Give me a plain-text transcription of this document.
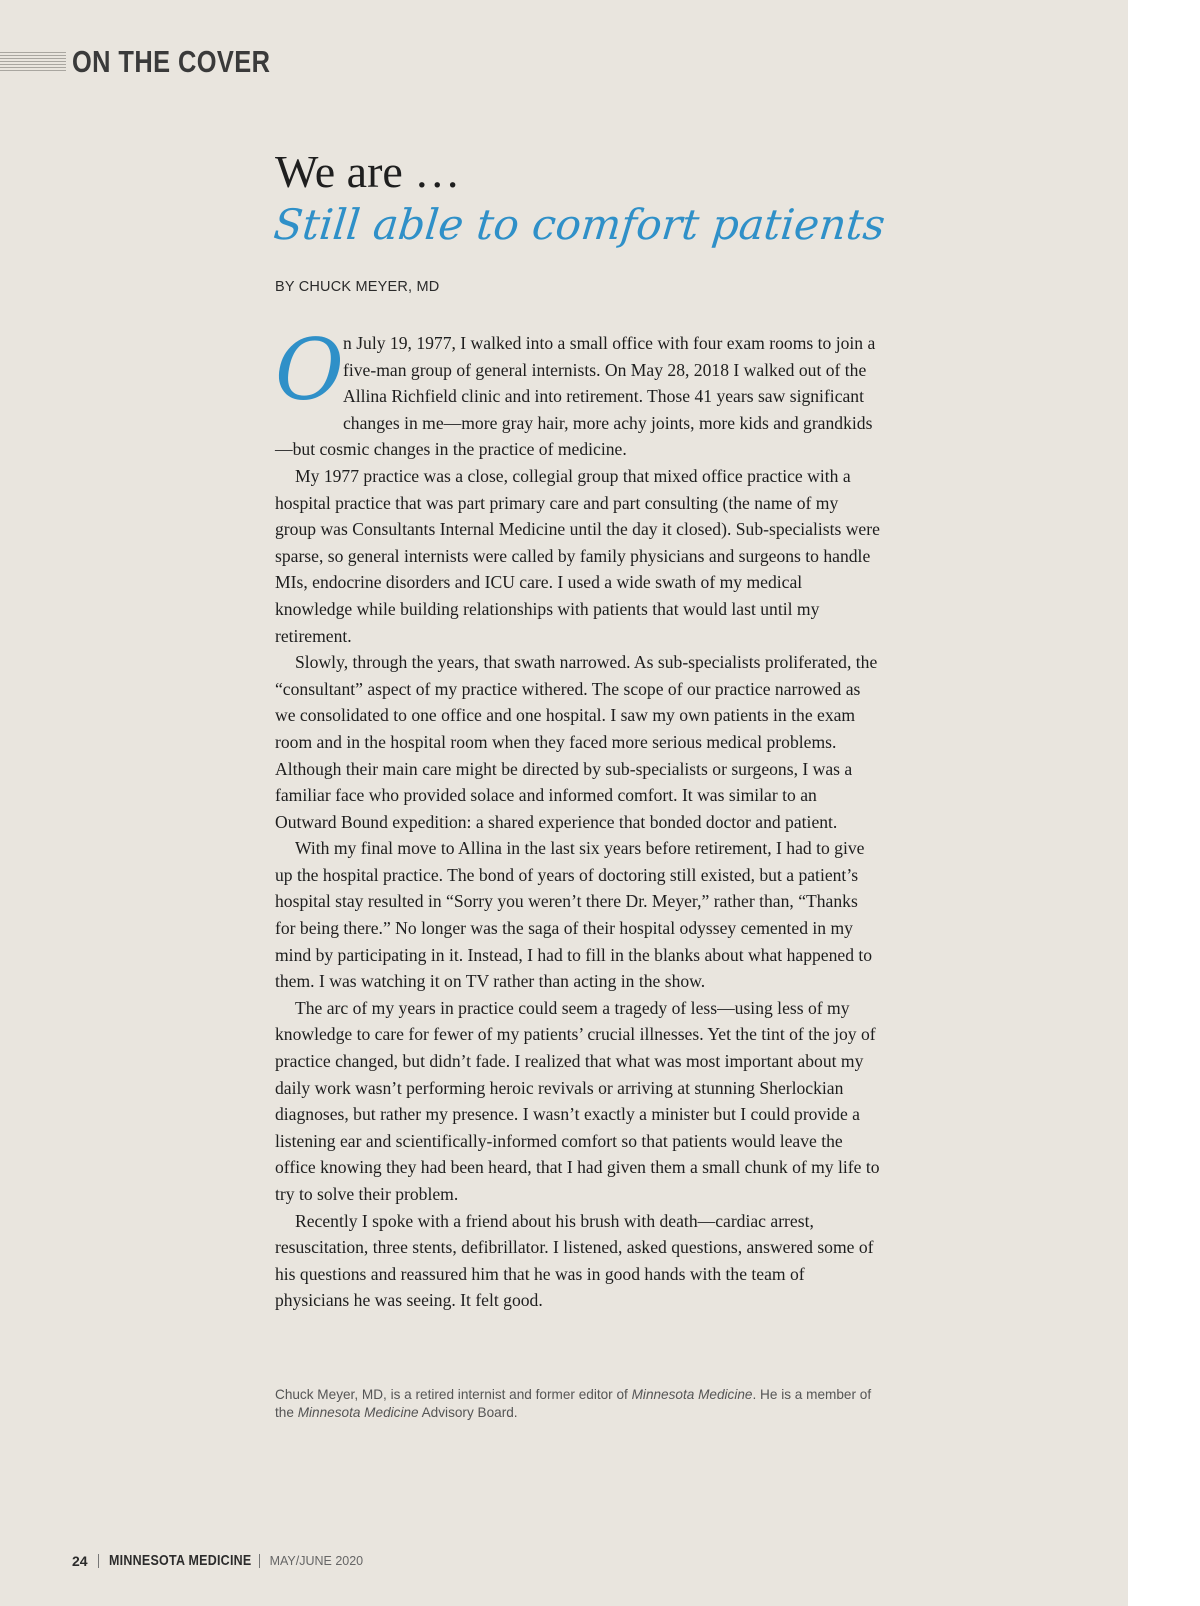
ON THE COVER
We are …
Still able to comfort patients
BY CHUCK MEYER, MD

On July 19, 1977, I walked into a small office with four exam rooms to join a five-man group of general internists. On May 28, 2018 I walked out of the Allina Richfield clinic and into retirement. Those 41 years saw significant changes in me—more gray hair, more achy joints, more kids and grandkids—but cosmic changes in the practice of medicine.

My 1977 practice was a close, collegial group that mixed office practice with a hospital practice that was part primary care and part consulting (the name of my group was Consultants Internal Medicine until the day it closed). Sub-specialists were sparse, so general internists were called by family physicians and surgeons to handle MIs, endocrine disorders and ICU care. I used a wide swath of my medical knowledge while building relationships with patients that would last until my retirement.

Slowly, through the years, that swath narrowed. As sub-specialists proliferated, the “consultant” aspect of my practice withered. The scope of our practice narrowed as we consolidated to one office and one hospital. I saw my own patients in the exam room and in the hospital room when they faced more serious medical problems. Although their main care might be directed by sub-specialists or surgeons, I was a familiar face who provided solace and informed comfort. It was similar to an Outward Bound expedition: a shared experience that bonded doctor and patient.

With my final move to Allina in the last six years before retirement, I had to give up the hospital practice. The bond of years of doctoring still existed, but a patient’s hospital stay resulted in “Sorry you weren’t there Dr. Meyer,” rather than, “Thanks for being there.” No longer was the saga of their hospital odyssey cemented in my mind by participating in it. Instead, I had to fill in the blanks about what happened to them. I was watching it on TV rather than acting in the show.

The arc of my years in practice could seem a tragedy of less—using less of my knowledge to care for fewer of my patients’ crucial illnesses. Yet the tint of the joy of practice changed, but didn’t fade. I realized that what was most important about my daily work wasn’t performing heroic revivals or arriving at stunning Sherlockian diagnoses, but rather my presence. I wasn’t exactly a minister but I could provide a listening ear and scientifically-informed comfort so that patients would leave the office knowing they had been heard, that I had given them a small chunk of my life to try to solve their problem.

Recently I spoke with a friend about his brush with death—cardiac arrest, resuscitation, three stents, defibrillator. I listened, asked questions, answered some of his questions and reassured him that he was in good hands with the team of physicians he was seeing. It felt good.

Chuck Meyer, MD, is a retired internist and former editor of Minnesota Medicine. He is a member of the Minnesota Medicine Advisory Board.
24 MINNESOTA MEDICINE MAY/JUNE 2020
